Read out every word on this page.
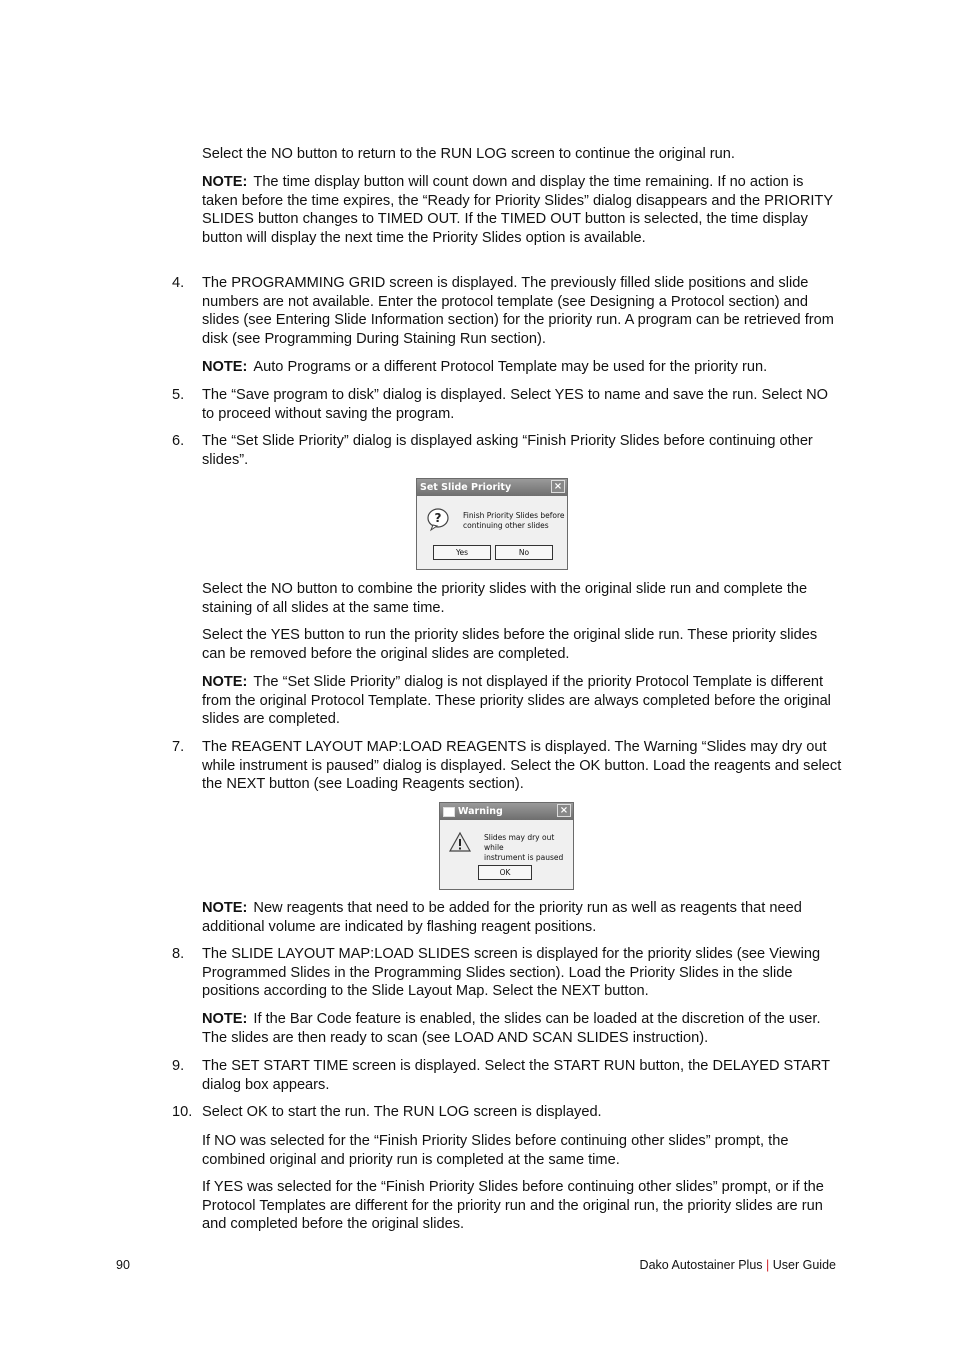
Select the NO button to return to the RUN LOG screen to continue the original run.

NOTE: The time display button will count down and display the time remaining. If no action is taken before the time expires, the “Ready for Priority Slides” dialog disappears and the PRIORITY SLIDES button changes to TIMED OUT. If the TIMED OUT button is selected, the time display button will display the next time the Priority Slides option is available.

4.	The PROGRAMMING GRID screen is displayed. The previously filled slide positions and slide numbers are not available. Enter the protocol template (see Designing a Protocol section) and slides (see Entering Slide Information section) for the priority run. A program can be retrieved from disk (see Programming During Staining Run section).

NOTE: Auto Programs or a different Protocol Template may be used for the priority run.

5.	The “Save program to disk” dialog is displayed. Select YES to name and save the run. Select NO to proceed without saving the program.
6.	The “Set Slide Priority” dialog is displayed asking “Finish Priority Slides before continuing other slides”.
Set Slide Priority	×
?	Finish Priority Slides before
continuing other slides
Yes	No

Select the NO button to combine the priority slides with the original slide run and complete the staining of all slides at the same time.

Select the YES button to run the priority slides before the original slide run. These priority slides can be removed before the original slides are completed.

NOTE: The “Set Slide Priority” dialog is not displayed if the priority Protocol Template is different from the original Protocol Template. These priority slides are always completed before the original slides are completed.

7.	The REAGENT LAYOUT MAP:LOAD REAGENTS is displayed. The Warning “Slides may dry out while instrument is paused” dialog is displayed. Select the OK button. Load the reagents and select the NEXT button (see Loading Reagents section).
Warning	×
Slides may dry out while
instrument is paused
OK

NOTE: New reagents that need to be added for the priority run as well as reagents that need additional volume are indicated by flashing reagent positions.

8.	The SLIDE LAYOUT MAP:LOAD SLIDES screen is displayed for the priority slides (see Viewing Programmed Slides in the Programming Slides section). Load the Priority Slides in the slide positions according to the Slide Layout Map. Select the NEXT button.

NOTE: If the Bar Code feature is enabled, the slides can be loaded at the discretion of the user. The slides are then ready to scan (see LOAD AND SCAN SLIDES instruction).

9.	The SET START TIME screen is displayed. Select the START RUN button, the DELAYED START dialog box appears.
10. Select OK to start the run. The RUN LOG screen is displayed.

If NO was selected for the “Finish Priority Slides before continuing other slides” prompt, the combined original and priority run is completed at the same time.

If YES was selected for the “Finish Priority Slides before continuing other slides” prompt, or if the Protocol Templates are different for the priority run and the original run, the priority slides are run and completed before the original slides.

90	Dako Autostainer Plus | User Guide
